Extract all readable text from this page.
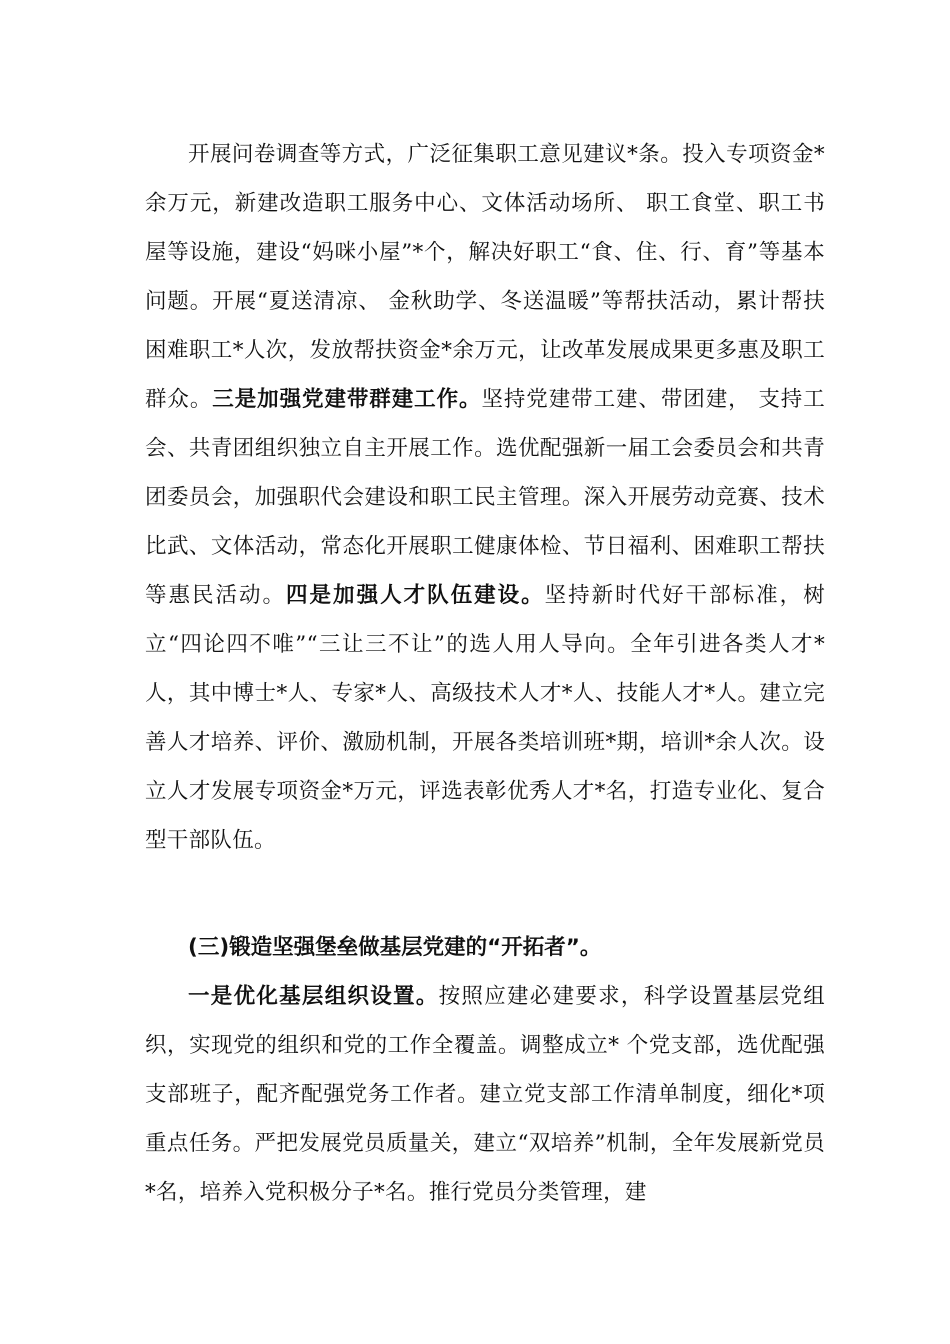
开展问卷调查等方式，广泛征集职工意见建议*条。投入专项资金*余万元，新建改造职工服务中心、文体活动场所、 职工食堂、职工书屋等设施，建设“妈咪小屋”*个，解决好职工“食、住、行、育”等基本问题。开展“夏送清凉、 金秋助学、冬送温暖”等帮扶活动，累计帮扶困难职工*人次，发放帮扶资金*余万元，让改革发展成果更多惠及职工群众。三是加强党建带群建工作。坚持党建带工建、带团建， 支持工会、共青团组织独立自主开展工作。选优配强新一届工会委员会和共青团委员会，加强职代会建设和职工民主管理。深入开展劳动竞赛、技术比武、文体活动，常态化开展职工健康体检、节日福利、困难职工帮扶等惠民活动。四是加强人才队伍建设。坚持新时代好干部标准，树立“四论四不唯”“三让三不让”的选人用人导向。全年引进各类人才*人，其中博士*人、专家*人、高级技术人才*人、技能人才*人。建立完善人才培养、评价、激励机制，开展各类培训班*期，培训*余人次。设立人才发展专项资金*万元，评选表彰优秀人才*名，打造专业化、复合型干部队伍。

(三)锻造坚强堡垒做基层党建的“开拓者”。

一是优化基层组织设置。按照应建必建要求，科学设置基层党组织，实现党的组织和党的工作全覆盖。调整成立* 个党支部，选优配强支部班子，配齐配强党务工作者。建立党支部工作清单制度，细化*项重点任务。严把发展党员质量关，建立“双培养”机制，全年发展新党员*名，培养入党积极分子*名。推行党员分类管理，建
